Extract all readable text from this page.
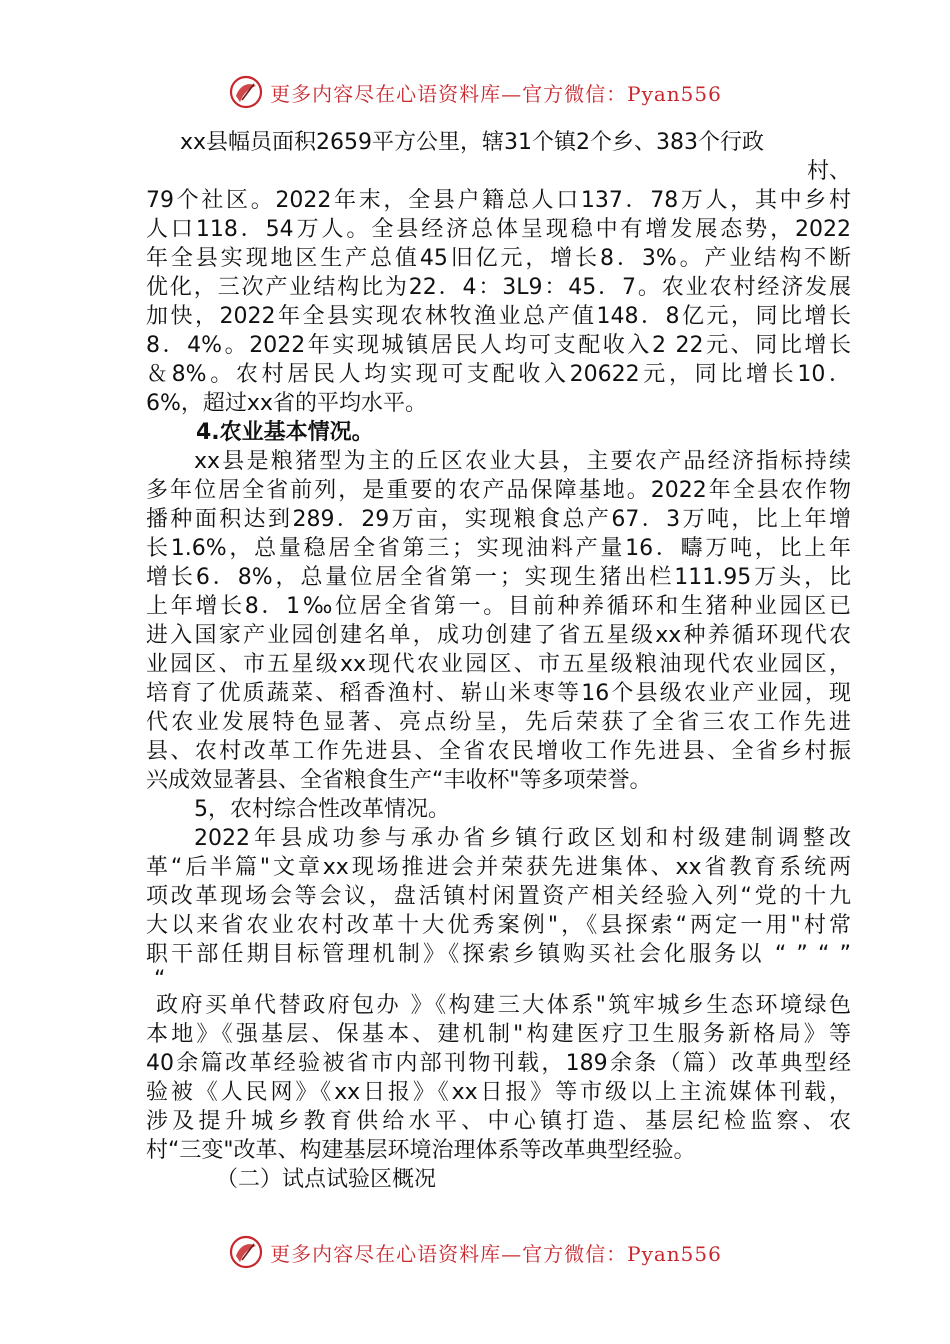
更多内容尽在心语资料库—官方微信：Pyan556
xx县幅员面积2659平方公里，辖31个镇2个乡、383个行政
村、
79个社区。2022年末，全县户籍总人口137．78万人，其中乡村
人口118．54万人。全县经济总体呈现稳中有增发展态势，2022
年全县实现地区生产总值45旧亿元，增长8．3%。产业结构不断
优化，三次产业结构比为22．4：3L9：45．7。农业农村经济发展
加快，2022年全县实现农林牧渔业总产值148．8亿元，同比增长
8．4%。2022年实现城镇居民人均可支配收入2 22元、同比增长
＆8%。农村居民人均实现可支配收入20622元，同比增长10．
6%，超过xx省的平均水平。
4.农业基本情况。
xx县是粮猪型为主的丘区农业大县，主要农产品经济指标持续
多年位居全省前列，是重要的农产品保障基地。2022年全县农作物
播种面积达到289．29万亩，实现粮食总产67．3万吨，比上年增
长1.6%，总量稳居全省第三；实现油料产量16．疇万吨，比上年
增长6．8%，总量位居全省第一；实现生猪出栏111.95万头，比
上年增长8．1‰位居全省第一。目前种养循环和生猪种业园区已
进入国家产业园创建名单，成功创建了省五星级xx种养循环现代农
业园区、市五星级xx现代农业园区、市五星级粮油现代农业园区，
培育了优质蔬菜、稻香渔村、崭山米枣等16个县级农业产业园，现
代农业发展特色显著、亮点纷呈，先后荣获了全省三农工作先进
县、农村改革工作先进县、全省农民增收工作先进县、全省乡村振
兴成效显著县、全省粮食生产“丰收杯"等多项荣誉。
5，农村综合性改革情况。
2022年县成功参与承办省乡镇行政区划和村级建制调整改
革“后半篇"文章xx现场推进会并荣获先进集体、xx省教育系统两
项改革现场会等会议，盘活镇村闲置资产相关经验入列“党的十九
大以来省农业农村改革十大优秀案例"，《县探索“两定一用"村常
职干部任期目标管理机制》《探索乡镇购买社会化服务以 “ ” “ ”
“
政府买单代替政府包办 》《构建三大体系"筑牢城乡生态环境绿色
本地》《强基层、保基本、建机制"构建医疗卫生服务新格局》等
40余篇改革经验被省市内部刊物刊载，189余条（篇）改革典型经
验被《人民网》《xx日报》《xx日报》等市级以上主流媒体刊载，
涉及提升城乡教育供给水平、中心镇打造、基层纪检监察、农
村“三变"改革、构建基层环境治理体系等改革典型经验。
（二）试点试验区概况
更多内容尽在心语资料库—官方微信：Pyan556
